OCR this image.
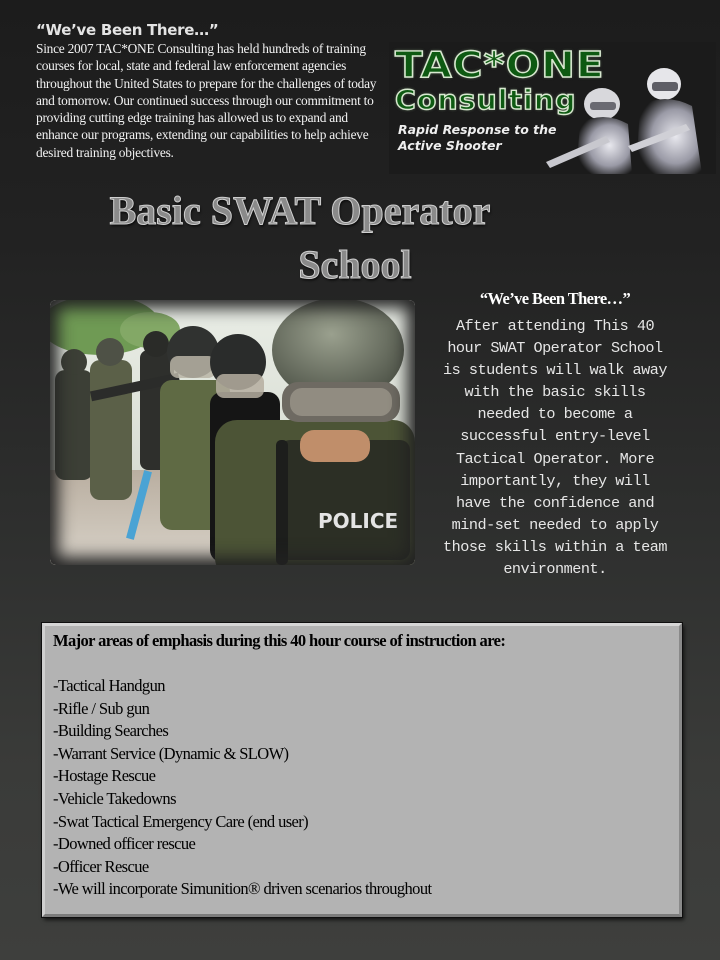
“We’ve Been There…”

Since 2007 TAC*ONE Consulting has held hundreds of training courses for local, state and federal law enforcement agencies throughout the United States to prepare for the challenges of today and tomorrow. Our continued success through our commitment to providing cutting edge training has allowed us to expand and enhance our programs, extending our capabilities to help achieve desired training objectives.

TAC*ONE
Consulting
Rapid Response to the
Active Shooter
Basic SWAT Operator
School
POLICE
“We’ve Been There…”

After attending This 40 hour SWAT Operator School is students will walk away with the basic skills needed to become a successful entry-level Tactical Operator. More importantly, they will have the confidence and mind-set needed to apply those skills within a team environment.

Major areas of emphasis during this 40 hour course of instruction are:
-Tactical Handgun
-Rifle / Sub gun
-Building Searches
-Warrant Service (Dynamic & SLOW)
-Hostage Rescue
-Vehicle Takedowns
-Swat Tactical Emergency Care (end user)
-Downed officer rescue
-Officer Rescue
-We will incorporate Simunition® driven scenarios throughout
